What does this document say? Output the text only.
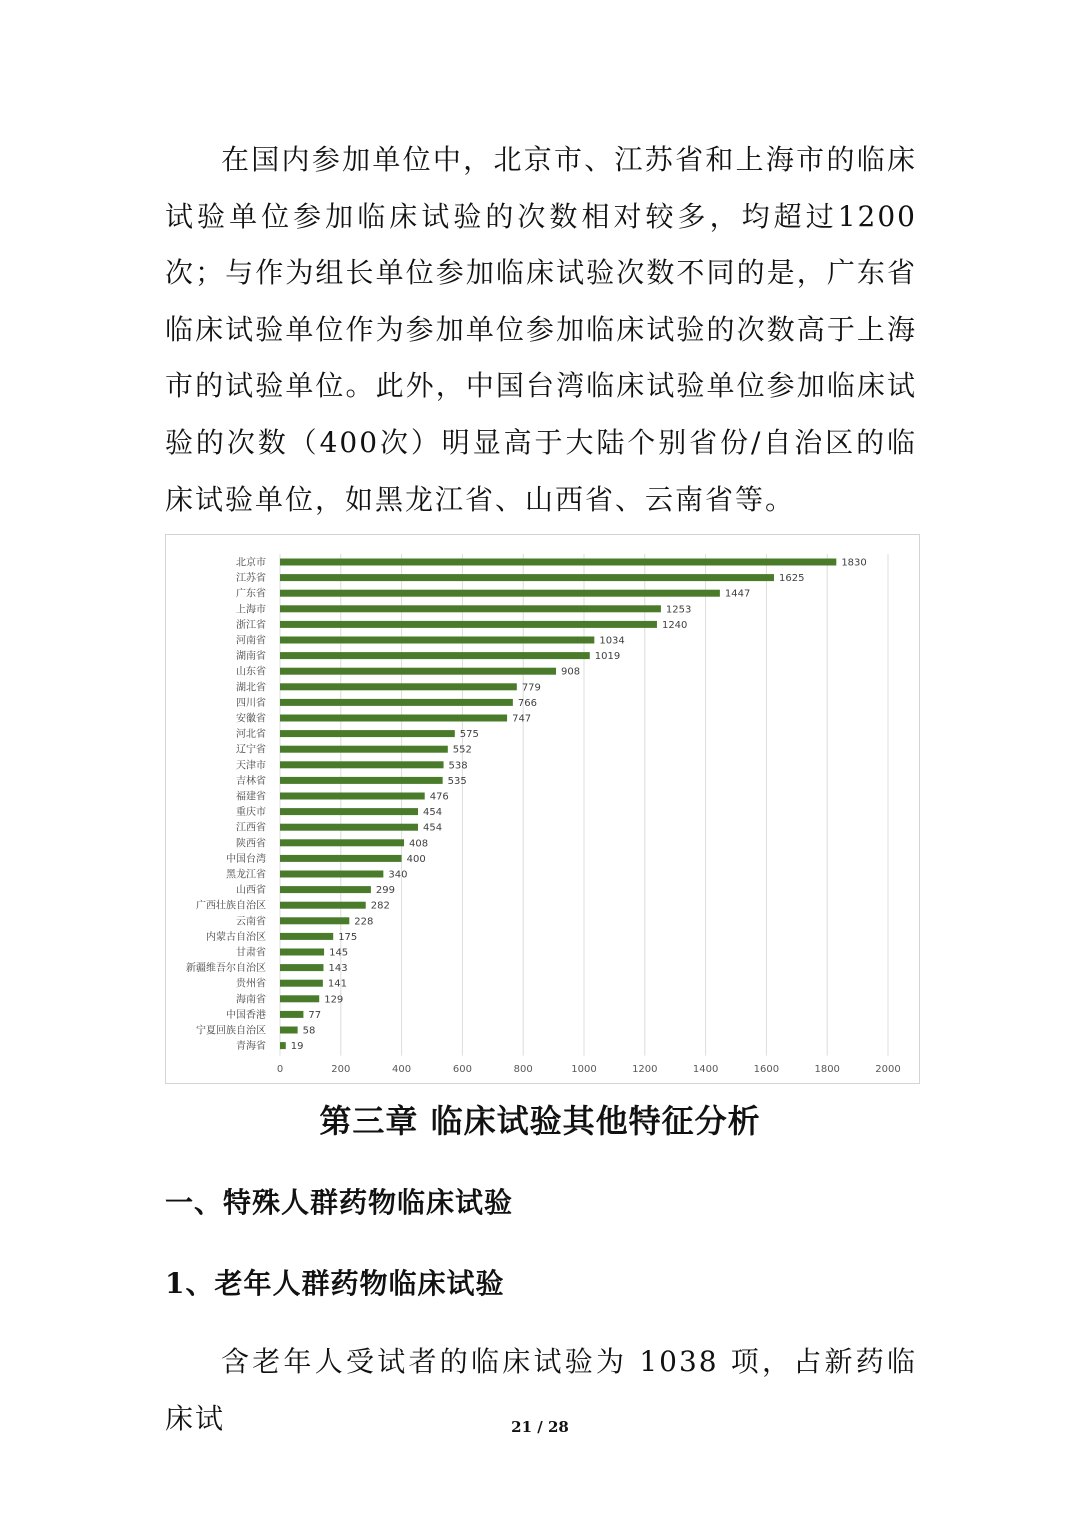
在国内参加单位中，北京市、江苏省和上海市的临床试验单位参加临床试验的次数相对较多，均超过1200次；与作为组长单位参加临床试验次数不同的是，广东省临床试验单位作为参加单位参加临床试验的次数高于上海市的试验单位。此外，中国台湾临床试验单位参加临床试验的次数（400次）明显高于大陆个别省份/自治区的临床试验单位，如黑龙江省、山西省、云南省等。

0	200	400	600	800	1000	1200	1400	1600	1800	2000
北京市	1830
江苏省	1625
广东省	1447
上海市	1253
浙江省	1240
河南省	1034
湖南省	1019
山东省	908
湖北省	779
四川省	766
安徽省	747
河北省	575
辽宁省	552
天津市	538
吉林省	535
福建省	476
重庆市	454
江西省	454
陕西省	408
中国台湾	400
黑龙江省	340
山西省	299
广西壮族自治区	282
云南省	228
内蒙古自治区	175
甘肃省	145
新疆维吾尔自治区	143
贵州省	141
海南省	129
中国香港	77
宁夏回族自治区	58
青海省 19
第三章 临床试验其他特征分析
一、特殊人群药物临床试验
1、老年人群药物临床试验

含老年人受试者的临床试验为 1038 项，占新药临床试	21 / 28
